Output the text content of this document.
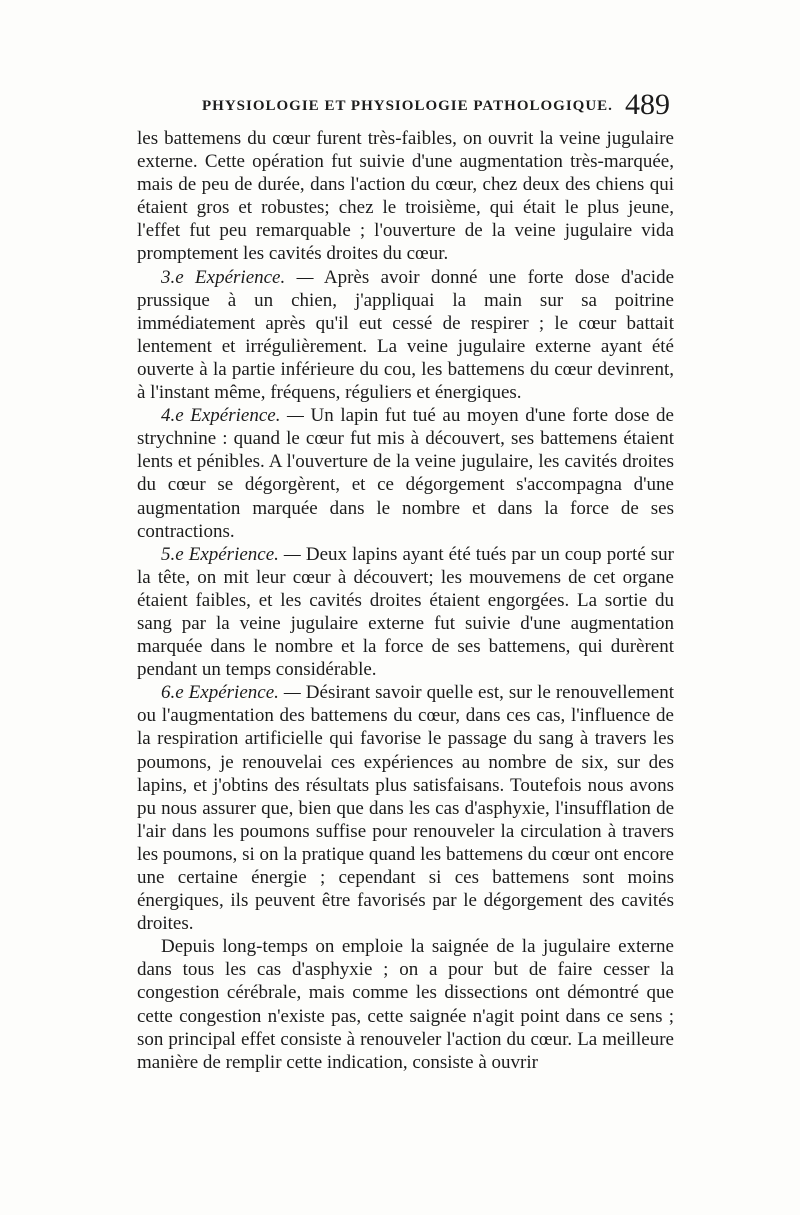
PHYSIOLOGIE ET PHYSIOLOGIE PATHOLOGIQUE. 489

les battemens du cœur furent très-faibles, on ouvrit la veine jugulaire externe. Cette opération fut suivie d'une augmentation très-marquée, mais de peu de durée, dans l'action du cœur, chez deux des chiens qui étaient gros et robustes; chez le troisième, qui était le plus jeune, l'effet fut peu remarquable ; l'ouverture de la veine jugulaire vida promptement les cavités droites du cœur.

3.e Expérience. — Après avoir donné une forte dose d'acide prussique à un chien, j'appliquai la main sur sa poitrine immédiatement après qu'il eut cessé de respirer ; le cœur battait lentement et irrégulièrement. La veine jugulaire externe ayant été ouverte à la partie inférieure du cou, les battemens du cœur devinrent, à l'instant même, fréquens, réguliers et énergiques.

4.e Expérience. — Un lapin fut tué au moyen d'une forte dose de strychnine : quand le cœur fut mis à découvert, ses battemens étaient lents et pénibles. A l'ouverture de la veine jugulaire, les cavités droites du cœur se dégorgèrent, et ce dégorgement s'accompagna d'une augmentation marquée dans le nombre et dans la force de ses contractions.

5.e Expérience. — Deux lapins ayant été tués par un coup porté sur la tête, on mit leur cœur à découvert; les mouvemens de cet organe étaient faibles, et les cavités droites étaient engorgées. La sortie du sang par la veine jugulaire externe fut suivie d'une augmentation marquée dans le nombre et la force de ses battemens, qui durèrent pendant un temps considérable.

6.e Expérience. — Désirant savoir quelle est, sur le renouvellement ou l'augmentation des battemens du cœur, dans ces cas, l'influence de la respiration artificielle qui favorise le passage du sang à travers les poumons, je renouvelai ces expériences au nombre de six, sur des lapins, et j'obtins des résultats plus satisfaisans. Toutefois nous avons pu nous assurer que, bien que dans les cas d'asphyxie, l'insufflation de l'air dans les poumons suffise pour renouveler la circulation à travers les poumons, si on la pratique quand les battemens du cœur ont encore une certaine énergie ; cependant si ces battemens sont moins énergiques, ils peuvent être favorisés par le dégorgement des cavités droites.

Depuis long-temps on emploie la saignée de la jugulaire externe dans tous les cas d'asphyxie ; on a pour but de faire cesser la congestion cérébrale, mais comme les dissections ont démontré que cette congestion n'existe pas, cette saignée n'agit point dans ce sens ; son principal effet consiste à renouveler l'action du cœur. La meilleure manière de remplir cette indication, consiste à ouvrir
